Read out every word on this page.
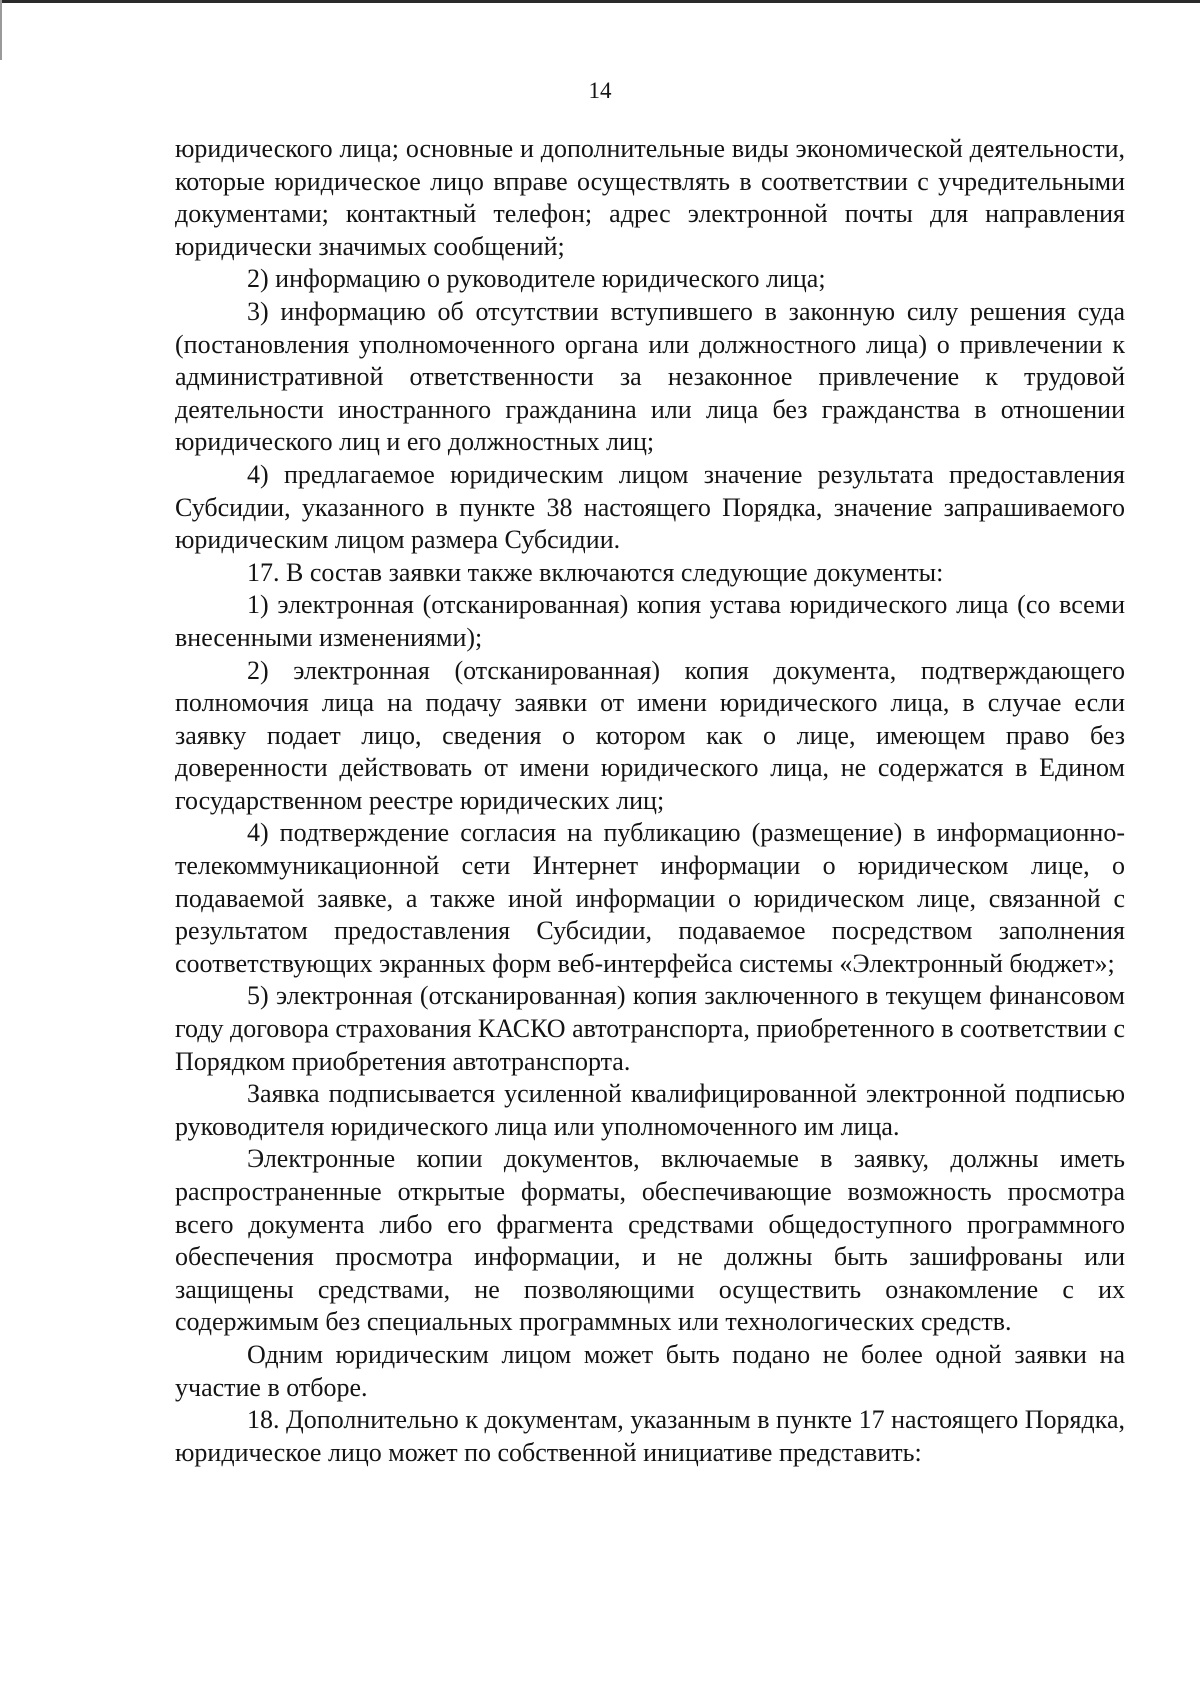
14

юридического лица; основные и дополнительные виды экономической деятельности, которые юридическое лицо вправе осуществлять в соответствии с учредительными документами; контактный телефон; адрес электронной почты для направления юридически значимых сообщений;

2) информацию о руководителе юридического лица;

3) информацию об отсутствии вступившего в законную силу решения суда (постановления уполномоченного органа или должностного лица) о привлечении к административной ответственности за незаконное привлечение к трудовой деятельности иностранного гражданина или лица без гражданства в отношении юридического лиц и его должностных лиц;

4) предлагаемое юридическим лицом значение результата предоставления Субсидии, указанного в пункте 38 настоящего Порядка, значение запрашиваемого юридическим лицом размера Субсидии.

17. В состав заявки также включаются следующие документы:

1) электронная (отсканированная) копия устава юридического лица (со всеми внесенными изменениями);

2) электронная (отсканированная) копия документа, подтверждающего полномочия лица на подачу заявки от имени юридического лица, в случае если заявку подает лицо, сведения о котором как о лице, имеющем право без доверенности действовать от имени юридического лица, не содержатся в Едином государственном реестре юридических лиц;

4) подтверждение согласия на публикацию (размещение) в информационно-телекоммуникационной сети Интернет информации о юридическом лице, о подаваемой заявке, а также иной информации о юридическом лице, связанной с результатом предоставления Субсидии, подаваемое посредством заполнения соответствующих экранных форм веб-интерфейса системы «Электронный бюджет»;

5) электронная (отсканированная) копия заключенного в текущем финансовом году договора страхования КАСКО автотранспорта, приобретенного в соответствии с Порядком приобретения автотранспорта.

Заявка подписывается усиленной квалифицированной электронной подписью руководителя юридического лица или уполномоченного им лица.

Электронные копии документов, включаемые в заявку, должны иметь распространенные открытые форматы, обеспечивающие возможность просмотра всего документа либо его фрагмента средствами общедоступного программного обеспечения просмотра информации, и не должны быть зашифрованы или защищены средствами, не позволяющими осуществить ознакомление с их содержимым без специальных программных или технологических средств.

Одним юридическим лицом может быть подано не более одной заявки на участие в отборе.

18. Дополнительно к документам, указанным в пункте 17 настоящего Порядка, юридическое лицо может по собственной инициативе представить:
